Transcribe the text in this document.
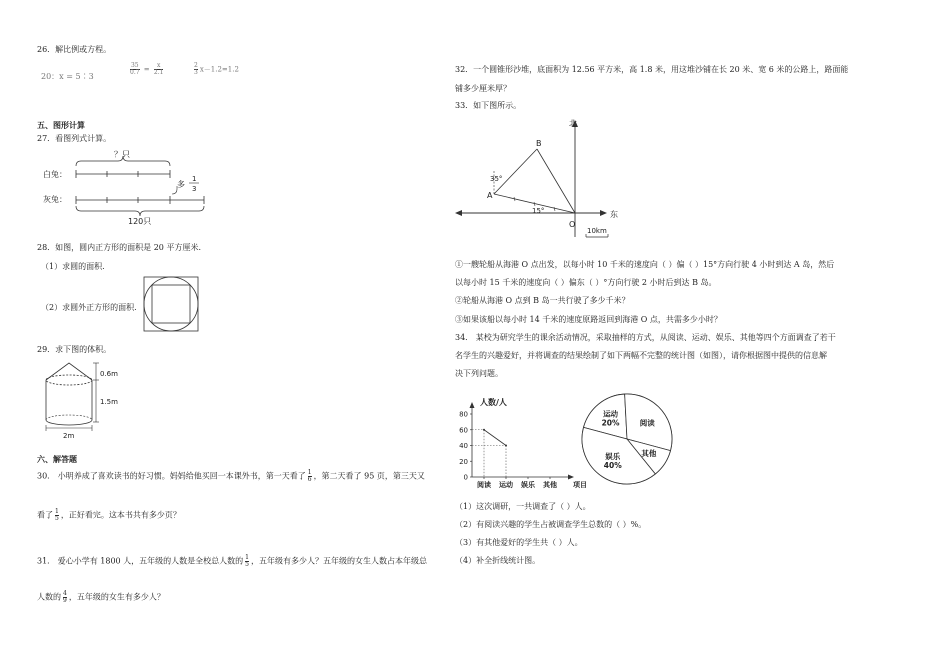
26．解比例或方程。
20：x = 5∶3
$\frac{35}{0.7} = \frac{x}{2.1}$	$\frac{2}{3} x-1.2=1.2$
五、图形计算
27．看图列式计算。
？只
白兔：
多
1
3
灰兔：
120只
28．如图，圆内正方形的面积是 20 平方厘米.
（1）求圆的面积.
（2）求圆外正方形的面积.
29．求下图的体积。
0.6m
1.5m
2m
六、解答题
30． 小明养成了喜欢读书的好习惯。妈妈给他买回一本课外书，第一天看了 $\frac{1}{6}$ ，第二天看了 95 页，第三天又
看了 $\frac{1}{5}$ ，正好看完。这本书共有多少页？
31． 爱心小学有 1800 人，五年级的人数是全校总人数的 $\frac{1}{5}$ ，五年级有多少人？五年级的女生人数占本年级总
人数的 $\frac{4}{9}$ ，五年级的女生有多少人？
32．一个圆锥形沙堆，底面积为 12.56 平方米，高 1.8 米，用这堆沙铺在长 20 米、宽 6 米的公路上，路面能
铺多少厘米厚？
33．如下图所示。
北
东
O
35°
15°
A
B
10km
①一艘轮船从海港 O 点出发，以每小时 10 千米的速度向（ ）偏（ ）15°方向行驶 4 小时到达 A 岛，然后
以每小时 15 千米的速度向（ ）偏东（ ）°方向行驶 2 小时后到达 B 岛。
②轮船从海港 O 点到 B 岛一共行驶了多少千米？
③如果该船以每小时 14 千米的速度原路返回到海港 O 点，共需多少小时？
34． 某校为研究学生的课余活动情况，采取抽样的方式，从阅读、运动、娱乐、其他等四个方面调查了若干
名学生的兴趣爱好，并将调查的结果绘制了如下两幅不完整的统计图（如图），请你根据图中提供的信息解
决下列问题。
人数/人
项目
0
20
40
60
80
阅读 运动 娱乐 其他
运动
20%	阅读
其他
娱乐
40%
（1）这次调研，一共调查了（ ）人。
（2）有阅读兴趣的学生占被调查学生总数的（ ）%。
（3）有其他爱好的学生共（ ）人。
（4）补全折线统计图。
